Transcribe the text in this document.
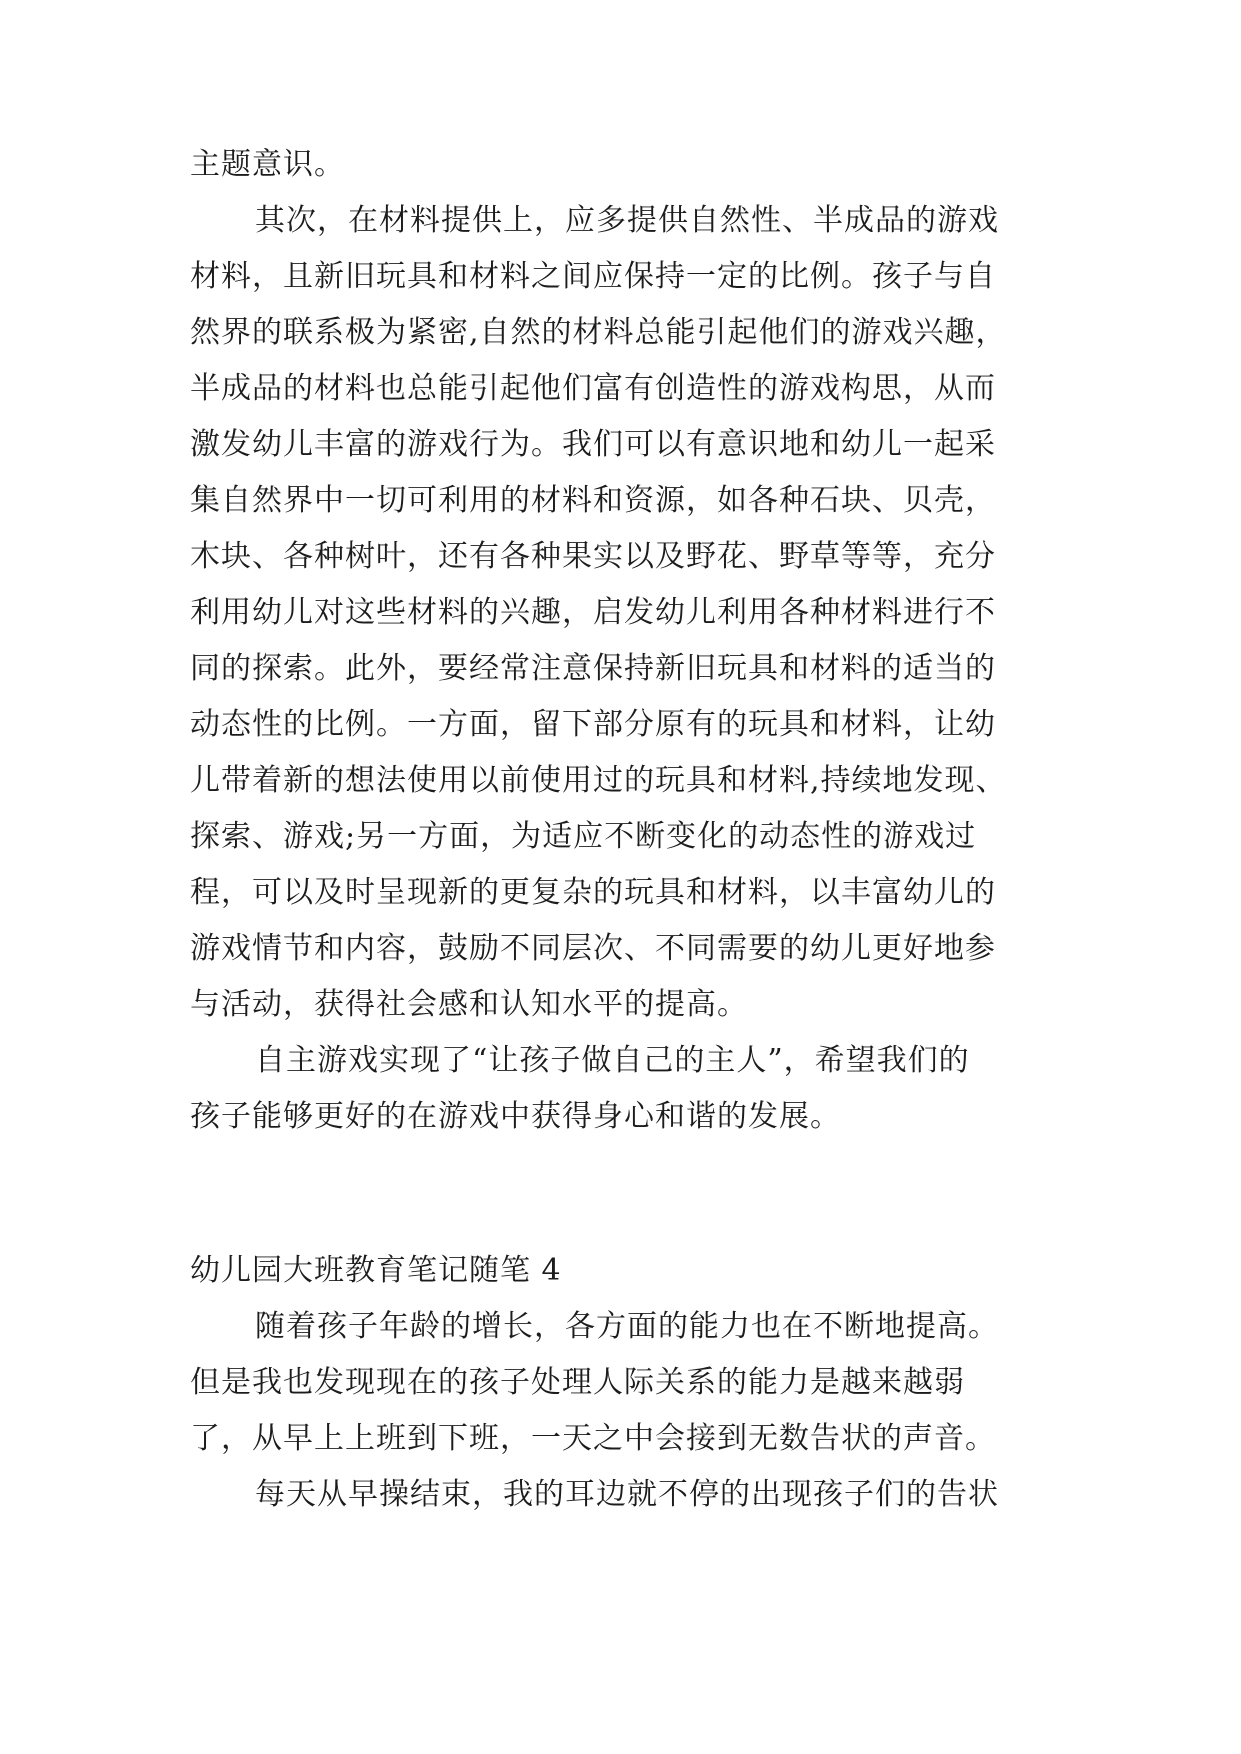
主题意识。
其次，在材料提供上，应多提供自然性、半成品的游戏
材料，且新旧玩具和材料之间应保持一定的比例。孩子与自
然界的联系极为紧密,自然的材料总能引起他们的游戏兴趣，
半成品的材料也总能引起他们富有创造性的游戏构思，从而
激发幼儿丰富的游戏行为。我们可以有意识地和幼儿一起采
集自然界中一切可利用的材料和资源，如各种石块、贝壳，
木块、各种树叶，还有各种果实以及野花、野草等等，充分
利用幼儿对这些材料的兴趣，启发幼儿利用各种材料进行不
同的探索。此外，要经常注意保持新旧玩具和材料的适当的
动态性的比例。一方面，留下部分原有的玩具和材料，让幼
儿带着新的想法使用以前使用过的玩具和材料,持续地发现、
探索、游戏;另一方面，为适应不断变化的动态性的游戏过
程，可以及时呈现新的更复杂的玩具和材料，以丰富幼儿的
游戏情节和内容，鼓励不同层次、不同需要的幼儿更好地参
与活动，获得社会感和认知水平的提高。
自主游戏实现了“让孩子做自己的主人”，希望我们的
孩子能够更好的在游戏中获得身心和谐的发展。
幼儿园大班教育笔记随笔 4
随着孩子年龄的增长，各方面的能力也在不断地提高。
但是我也发现现在的孩子处理人际关系的能力是越来越弱
了，从早上上班到下班，一天之中会接到无数告状的声音。
每天从早操结束，我的耳边就不停的出现孩子们的告状
